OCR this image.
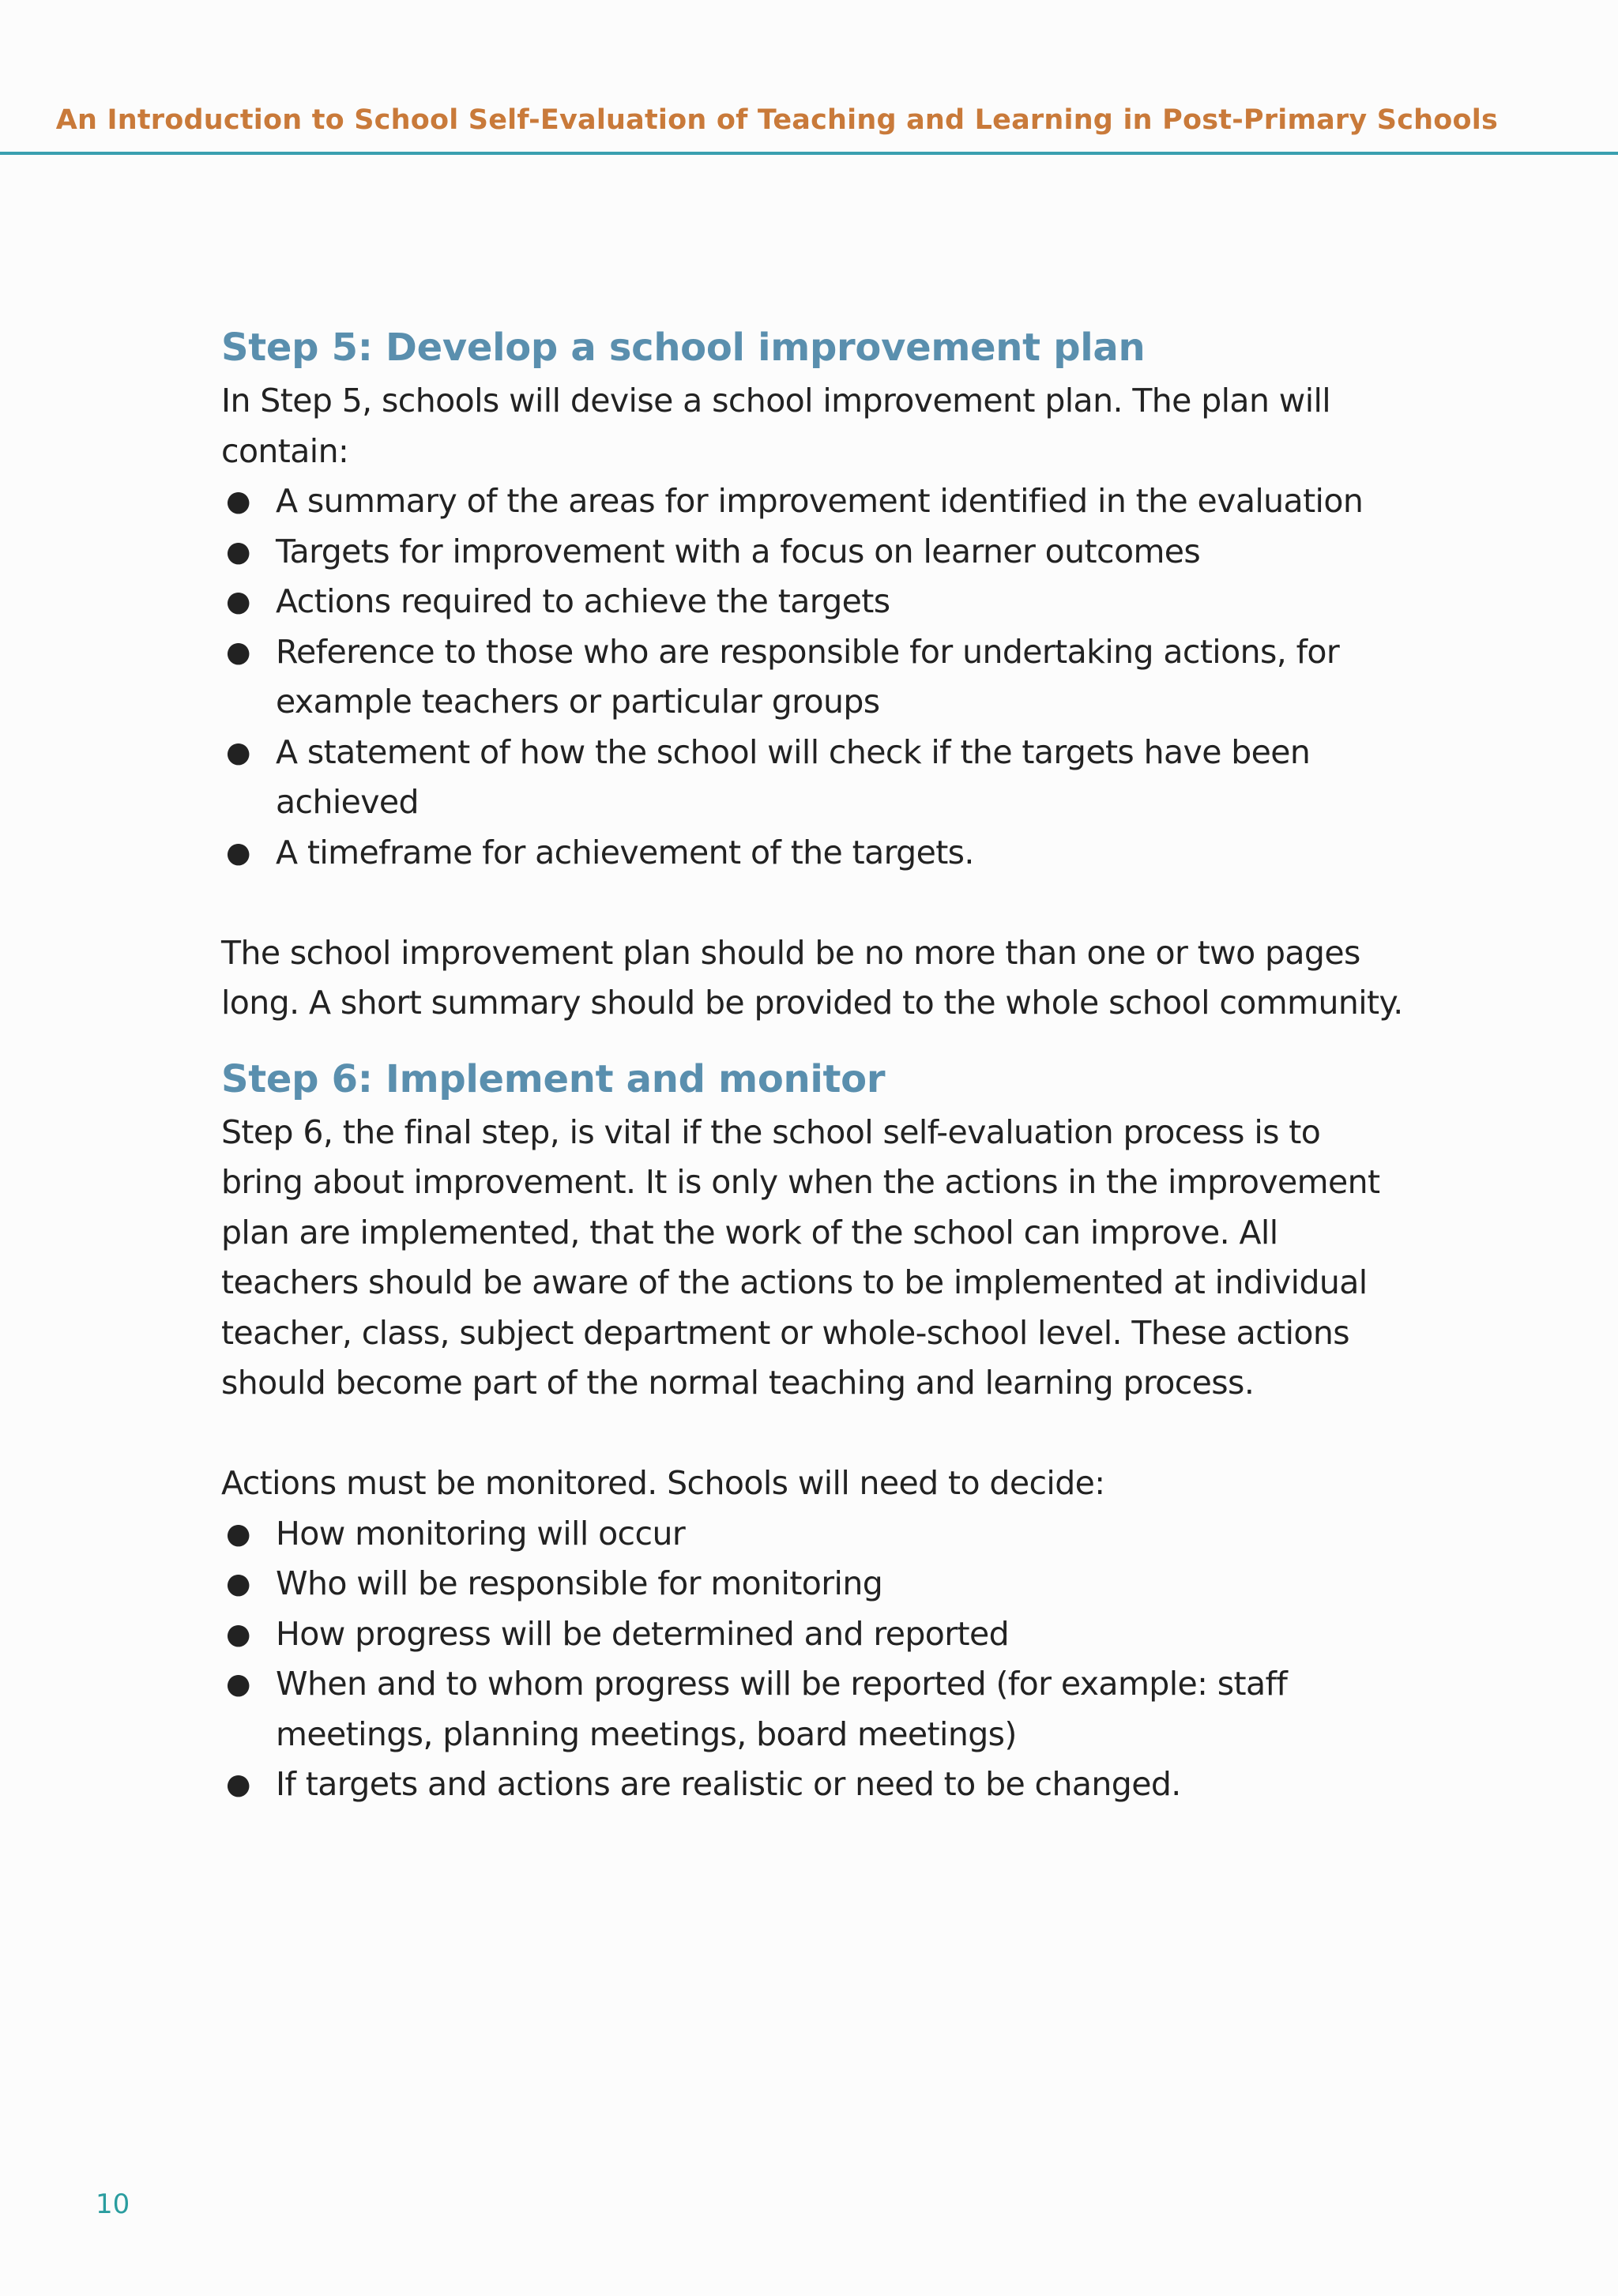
An Introduction to School Self-Evaluation of Teaching and Learning in Post-Primary Schools
Step 5: Develop a school improvement plan

In Step 5, schools will devise a school improvement plan. The plan will contain:

● A summary of the areas for improvement identified in the evaluation
● Targets for improvement with a focus on learner outcomes
● Actions required to achieve the targets
● Reference to those who are responsible for undertaking actions, for example teachers or particular groups
● A statement of how the school will check if the targets have been achieved
● A timeframe for achievement of the targets.

The school improvement plan should be no more than one or two pages long. A short summary should be provided to the whole school community.

Step 6: Implement and monitor

Step 6, the final step, is vital if the school self-evaluation process is to bring about improvement. It is only when the actions in the improvement plan are implemented, that the work of the school can improve. All teachers should be aware of the actions to be implemented at individual teacher, class, subject department or whole-school level. These actions should become part of the normal teaching and learning process.

Actions must be monitored. Schools will need to decide:

● How monitoring will occur
● Who will be responsible for monitoring
● How progress will be determined and reported
● When and to whom progress will be reported (for example: staff meetings, planning meetings, board meetings)
● If targets and actions are realistic or need to be changed.
10
